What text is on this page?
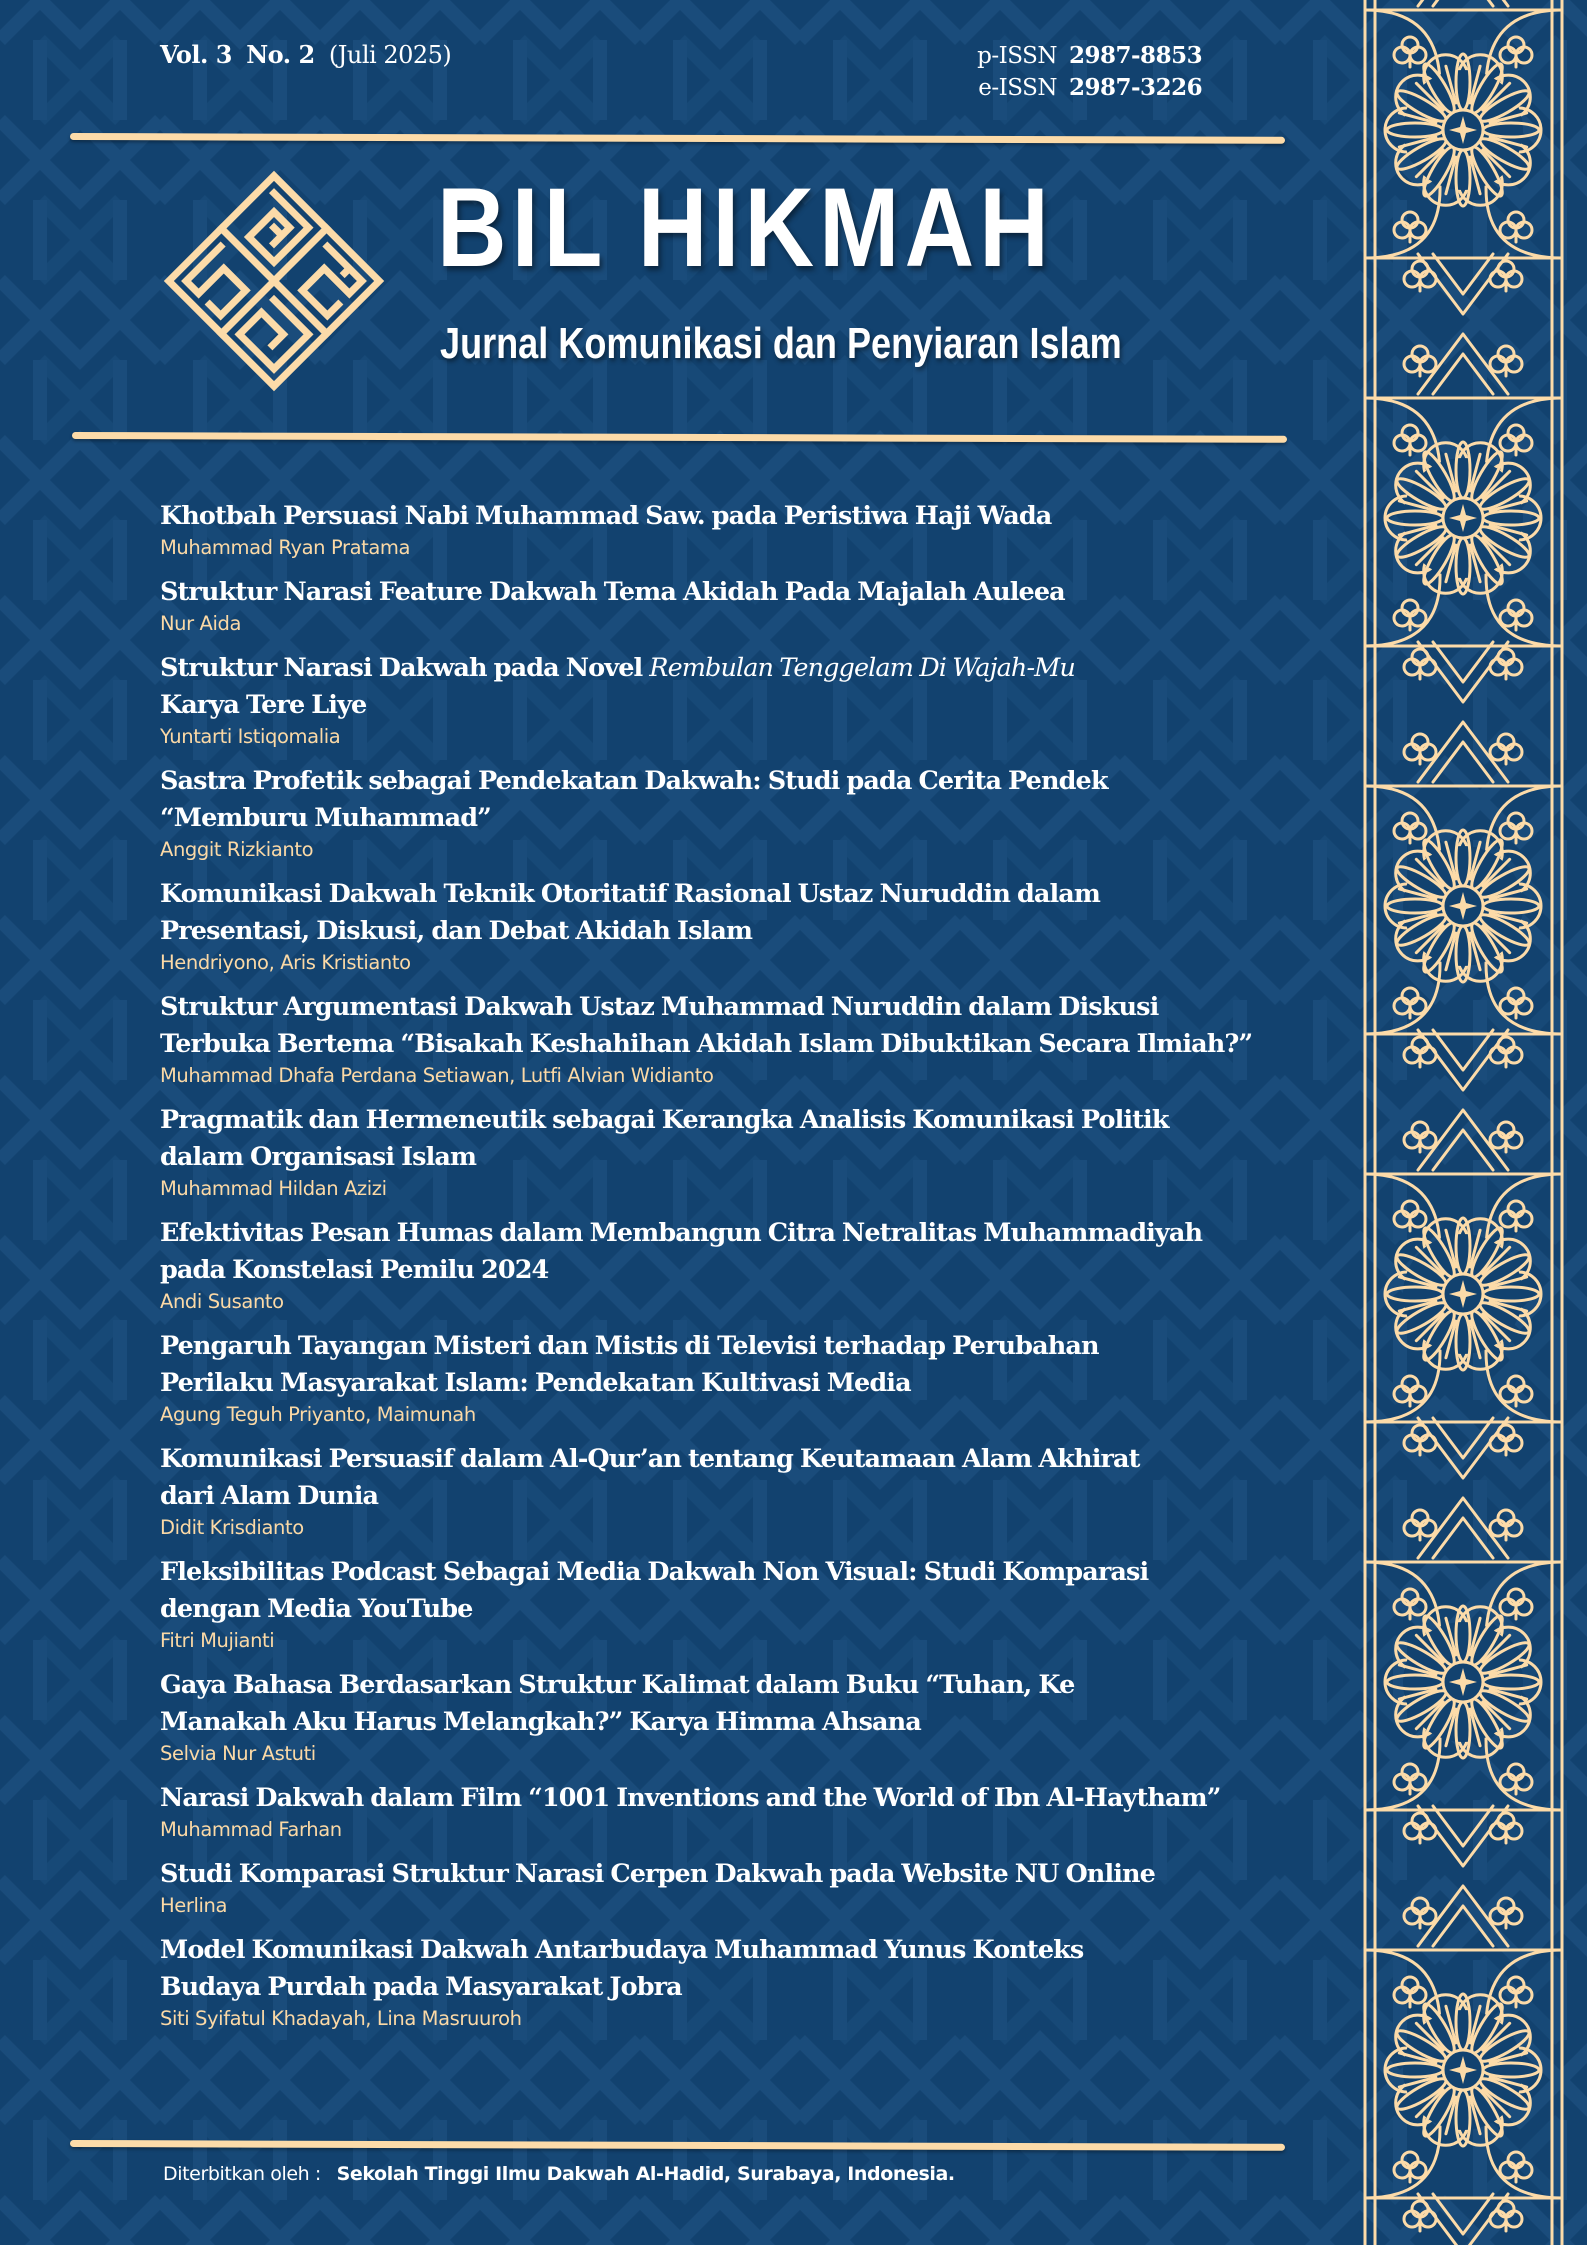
Vol. 3 No. 2 (Juli 2025)	p-ISSN 2987-8853
e-ISSN 2987-3226
BIL HIKMAH
Jurnal Komunikasi dan Penyiaran Islam
Khotbah Persuasi Nabi Muhammad Saw. pada Peristiwa Haji Wada
Muhammad Ryan Pratama
Struktur Narasi Feature Dakwah Tema Akidah Pada Majalah Auleea
Nur Aida
Struktur Narasi Dakwah pada Novel Rembulan Tenggelam Di Wajah-Mu
Karya Tere Liye
Yuntarti Istiqomalia
Sastra Profetik sebagai Pendekatan Dakwah: Studi pada Cerita Pendek
“Memburu Muhammad”
Anggit Rizkianto
Komunikasi Dakwah Teknik Otoritatif Rasional Ustaz Nuruddin dalam
Presentasi, Diskusi, dan Debat Akidah Islam
Hendriyono, Aris Kristianto
Struktur Argumentasi Dakwah Ustaz Muhammad Nuruddin dalam Diskusi
Terbuka Bertema “Bisakah Keshahihan Akidah Islam Dibuktikan Secara Ilmiah?”
Muhammad Dhafa Perdana Setiawan, Lutfi Alvian Widianto
Pragmatik dan Hermeneutik sebagai Kerangka Analisis Komunikasi Politik
dalam Organisasi Islam
Muhammad Hildan Azizi
Efektivitas Pesan Humas dalam Membangun Citra Netralitas Muhammadiyah
pada Konstelasi Pemilu 2024
Andi Susanto
Pengaruh Tayangan Misteri dan Mistis di Televisi terhadap Perubahan
Perilaku Masyarakat Islam: Pendekatan Kultivasi Media
Agung Teguh Priyanto, Maimunah
Komunikasi Persuasif dalam Al-Qur’an tentang Keutamaan Alam Akhirat
dari Alam Dunia
Didit Krisdianto
Fleksibilitas Podcast Sebagai Media Dakwah Non Visual: Studi Komparasi
dengan Media YouTube
Fitri Mujianti
Gaya Bahasa Berdasarkan Struktur Kalimat dalam Buku “Tuhan, Ke
Manakah Aku Harus Melangkah?” Karya Himma Ahsana
Selvia Nur Astuti
Narasi Dakwah dalam Film “1001 Inventions and the World of Ibn Al-Haytham”
Muhammad Farhan
Studi Komparasi Struktur Narasi Cerpen Dakwah pada Website NU Online
Herlina
Model Komunikasi Dakwah Antarbudaya Muhammad Yunus Konteks
Budaya Purdah pada Masyarakat Jobra
Siti Syifatul Khadayah, Lina Masruuroh
Diterbitkan oleh : Sekolah Tinggi Ilmu Dakwah Al-Hadid, Surabaya, Indonesia.
